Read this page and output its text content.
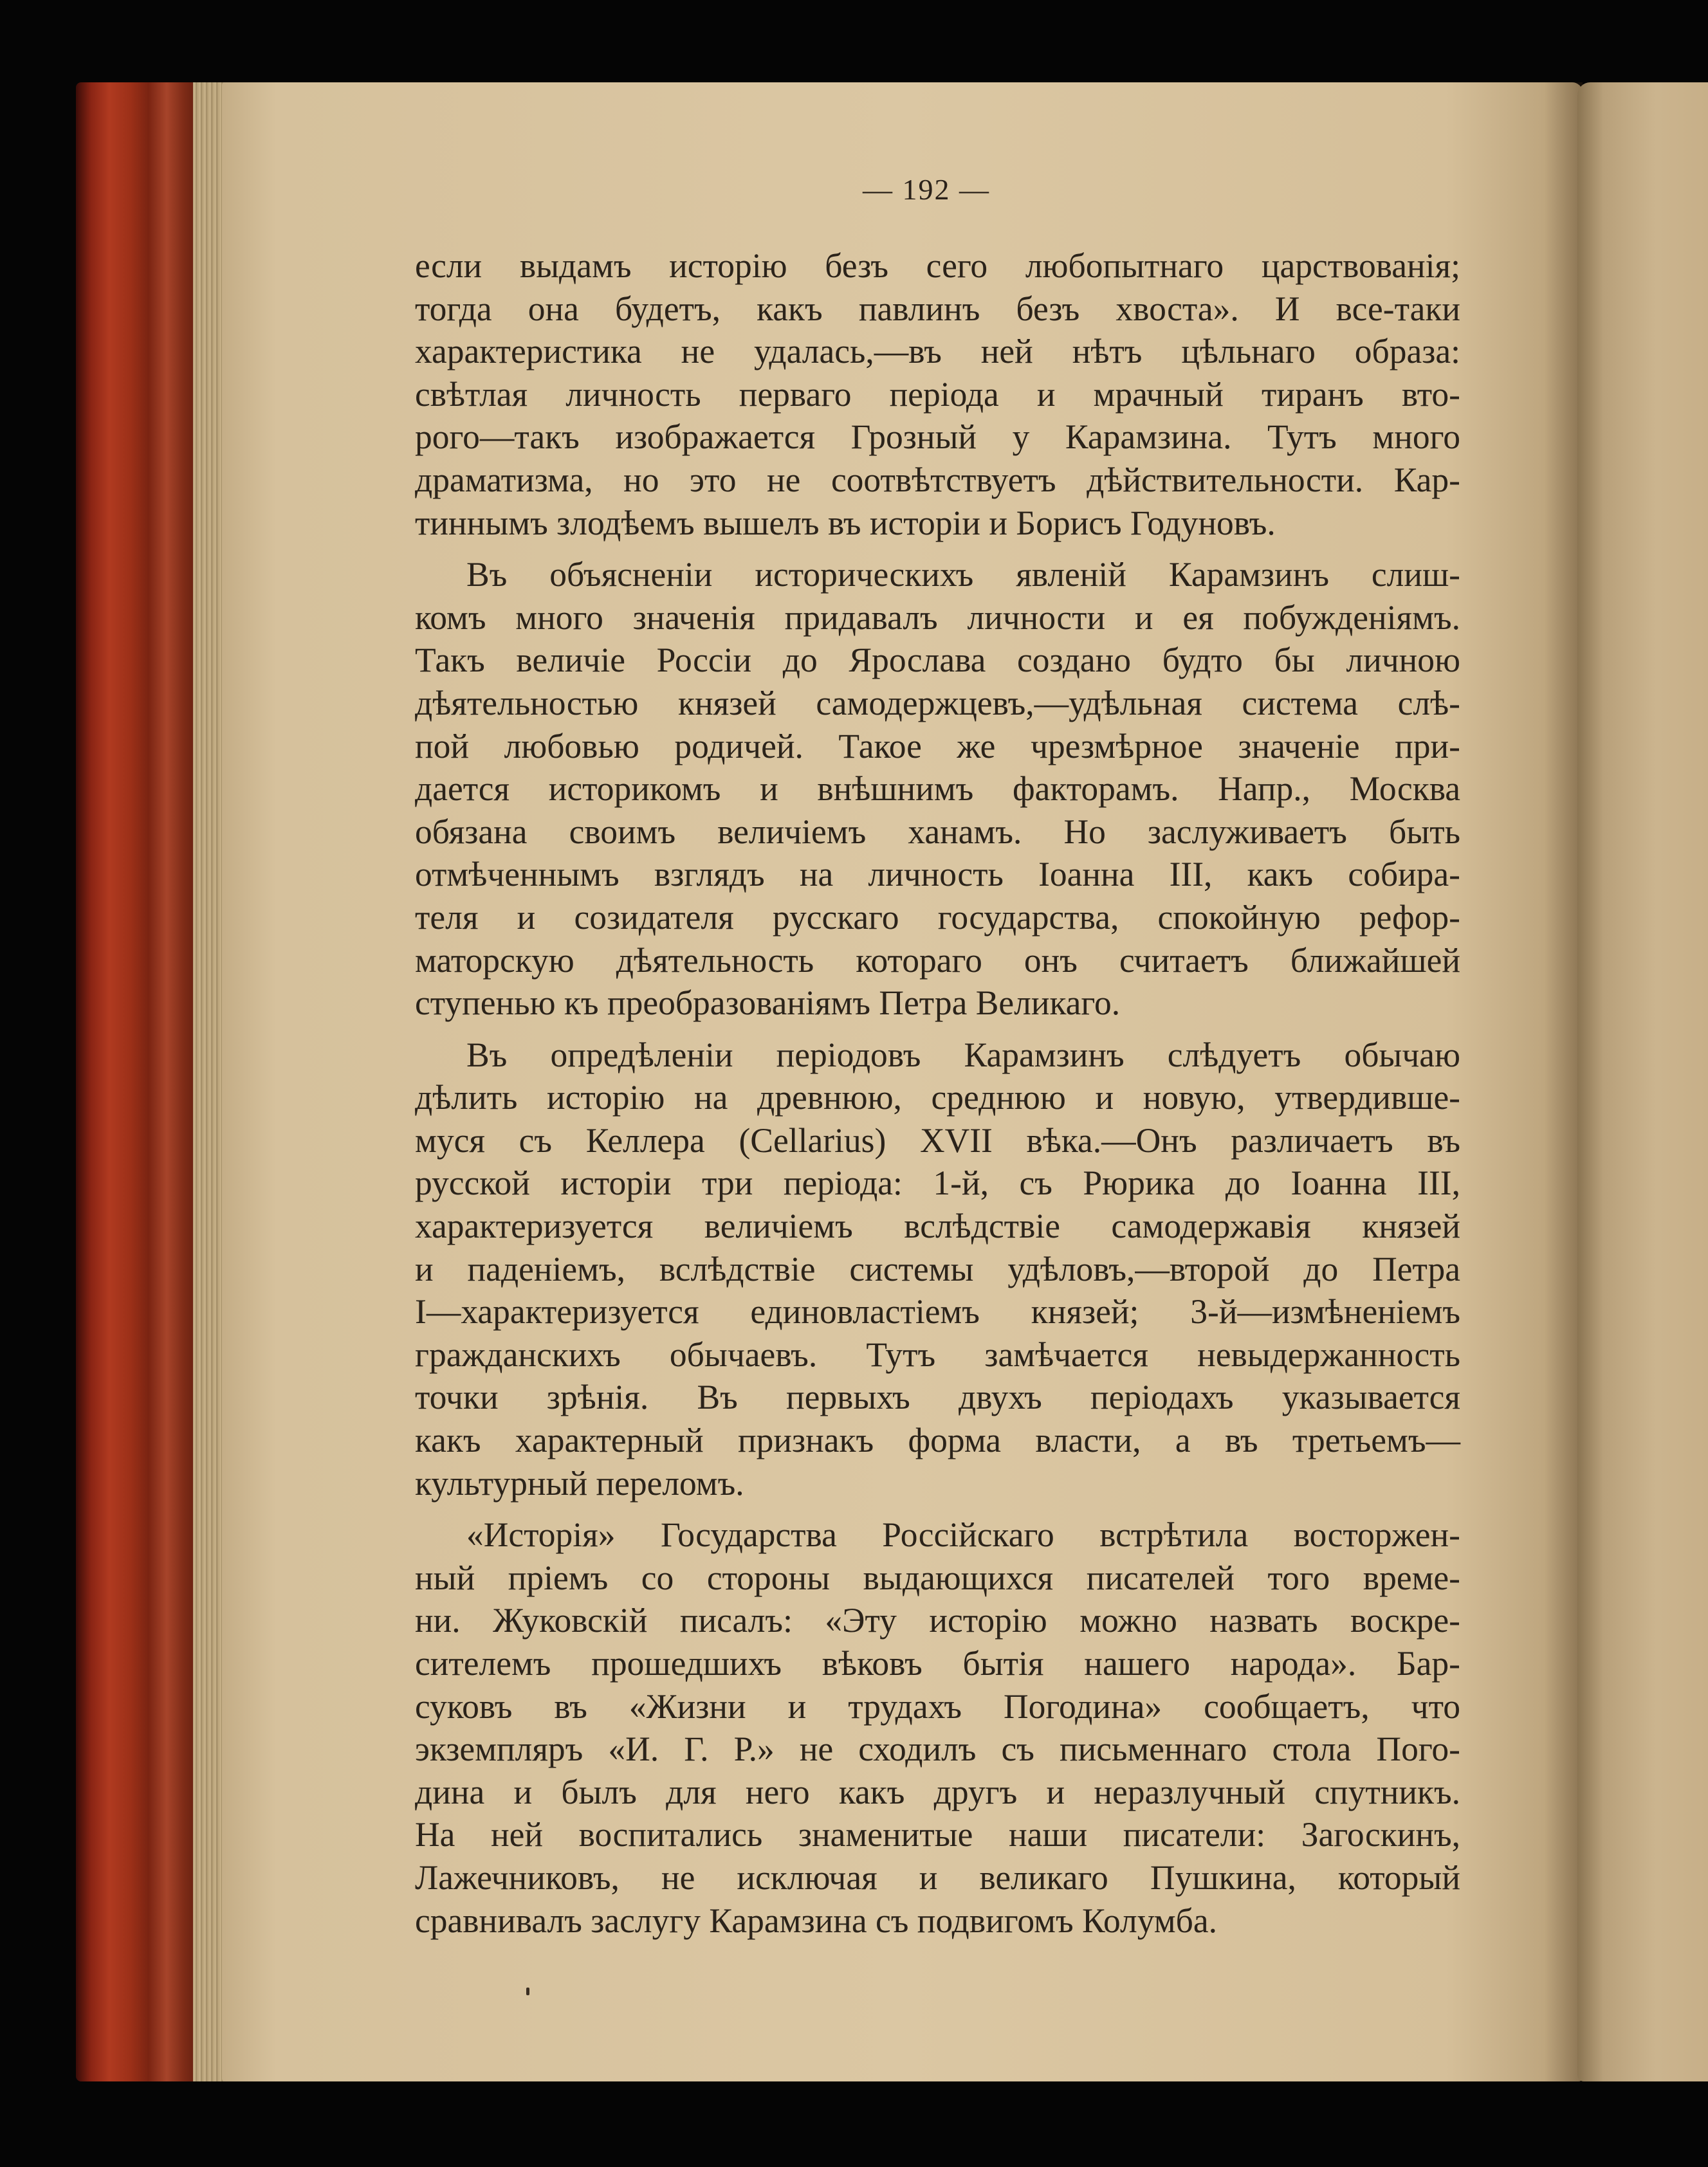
— 192 —
если выдамъ исторію безъ сего любопытнаго царствованія;
тогда она будетъ, какъ павлинъ безъ хвоста». И все-таки
характеристика не удалась,—въ ней нѣтъ цѣльнаго образа:
свѣтлая личность перваго періода и мрачный тиранъ вто-
рого—такъ изображается Грозный у Карамзина. Тутъ много
драматизма, но это не соотвѣтствуетъ дѣйствительности. Кар-
тиннымъ злодѣемъ вышелъ въ исторіи и Борисъ Годуновъ.
Въ объясненіи историческихъ явленій Карамзинъ слиш-
комъ много значенія придавалъ личности и ея побужденіямъ.
Такъ величіе Россіи до Ярослава создано будто бы личною
дѣятельностью князей самодержцевъ,—удѣльная система слѣ-
пой любовью родичей. Такое же чрезмѣрное значеніе при-
дается историкомъ и внѣшнимъ факторамъ. Напр., Москва
обязана своимъ величіемъ ханамъ. Но заслуживаетъ быть
отмѣченнымъ взглядъ на личность Іоанна III, какъ собира-
теля и созидателя русскаго государства, спокойную рефор-
маторскую дѣятельность котораго онъ считаетъ ближайшей
ступенью къ преобразованіямъ Петра Великаго.
Въ опредѣленіи періодовъ Карамзинъ слѣдуетъ обычаю
дѣлить исторію на древнюю, среднюю и новую, утвердивше-
муся съ Келлера (Cellarius) XVII вѣка.—Онъ различаетъ въ
русской исторіи три періода: 1-й, съ Рюрика до Іоанна III,
характеризуется величіемъ вслѣдствіе самодержавія князей
и паденіемъ, вслѣдствіе системы удѣловъ,—второй до Петра
I—характеризуется единовластіемъ князей; 3-й—измѣненіемъ
гражданскихъ обычаевъ. Тутъ замѣчается невыдержанность
точки зрѣнія. Въ первыхъ двухъ періодахъ указывается
какъ характерный признакъ форма власти, а въ третьемъ—
культурный переломъ.
«Исторія» Государства Россійскаго встрѣтила восторжен-
ный пріемъ со стороны выдающихся писателей того време-
ни. Жуковскій писалъ: «Эту исторію можно назвать воскре-
сителемъ прошедшихъ вѣковъ бытія нашего народа». Бар-
суковъ въ «Жизни и трудахъ Погодина» сообщаетъ, что
экземпляръ «И. Г. Р.» не сходилъ съ письменнаго стола Пого-
дина и былъ для него какъ другъ и неразлучный спутникъ.
На ней воспитались знаменитые наши писатели: Загоскинъ,
Лажечниковъ, не исключая и великаго Пушкина, который
сравнивалъ заслугу Карамзина съ подвигомъ Колумба.
